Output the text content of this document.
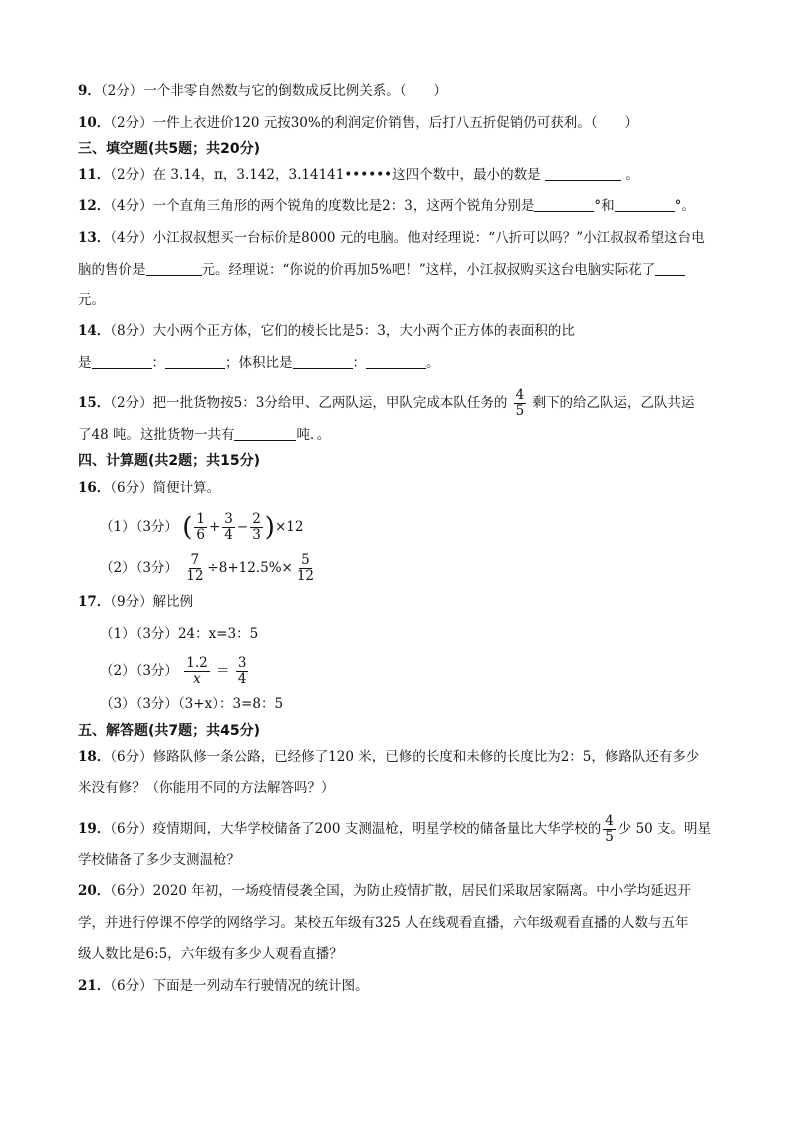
9．（2分）一个非零自然数与它的倒数成反比例关系。（　　）
10．（2分）一件上衣进价120 元按30%的利润定价销售，后打八五折促销仍可获利。（　　）
三、填空题(共5题；共20分)
11．（2分）在 3.14，π，3.142，3.14141••••••这四个数中，最小的数是	。
12．（4分）一个直角三角形的两个锐角的度数比是2：3，这两个锐角分别是	°和	°。
13．（4分）小江叔叔想买一台标价是8000 元的电脑。他对经理说：“八折可以吗？”小江叔叔希望这台电
脑的售价是	元。经理说：“你说的价再加5%吧！”这样，小江叔叔购买这台电脑实际花了
元。
14．（8分）大小两个正方体，它们的棱长比是5：3，大小两个正方体的表面积的比
是	：	；体积比是	：	。
15．（2分）把一批货物按5：3分给甲、乙两队运，甲队完成本队任务的 $\frac{4}{5}$ 剩下的给乙队运，乙队共运
了48 吨。这批货物一共有	吨．。
四、计算题(共2题；共15分)
16．（6分）简便计算。
（1）（3分） ( $\frac{1}{6} + \frac{3}{4} - \frac{2}{3} )\times 12$
（2）（3分） $\frac{7}{12} \div 8+12.5\%\times \frac{5}{12}$
17．（9分）解比例
（1）（3分）24：x=3：5
（2）（3分） $\frac{1.2}{x} = \frac{3}{4}$
（3）（3分）（3+x）：3=8：5
五、解答题(共7题；共45分)
18．（6分）修路队修一条公路，已经修了120 米，已修的长度和未修的长度比为2：5，修路队还有多少
米没有修？（你能用不同的方法解答吗？）
19．（6分）疫情期间，大华学校储备了200 支测温枪，明星学校的储备量比大华学校的 $\frac{4}{5}$ 少 50 支。明星
学校储备了多少支测温枪？
20．（6分）2020 年初，一场疫情侵袭全国，为防止疫情扩散，居民们采取居家隔离。中小学均延迟开
学，并进行停课不停学的网络学习。某校五年级有325 人在线观看直播，六年级观看直播的人数与五年
级人数比是6:5，六年级有多少人观看直播？
21．（6分）下面是一列动车行驶情况的统计图。
